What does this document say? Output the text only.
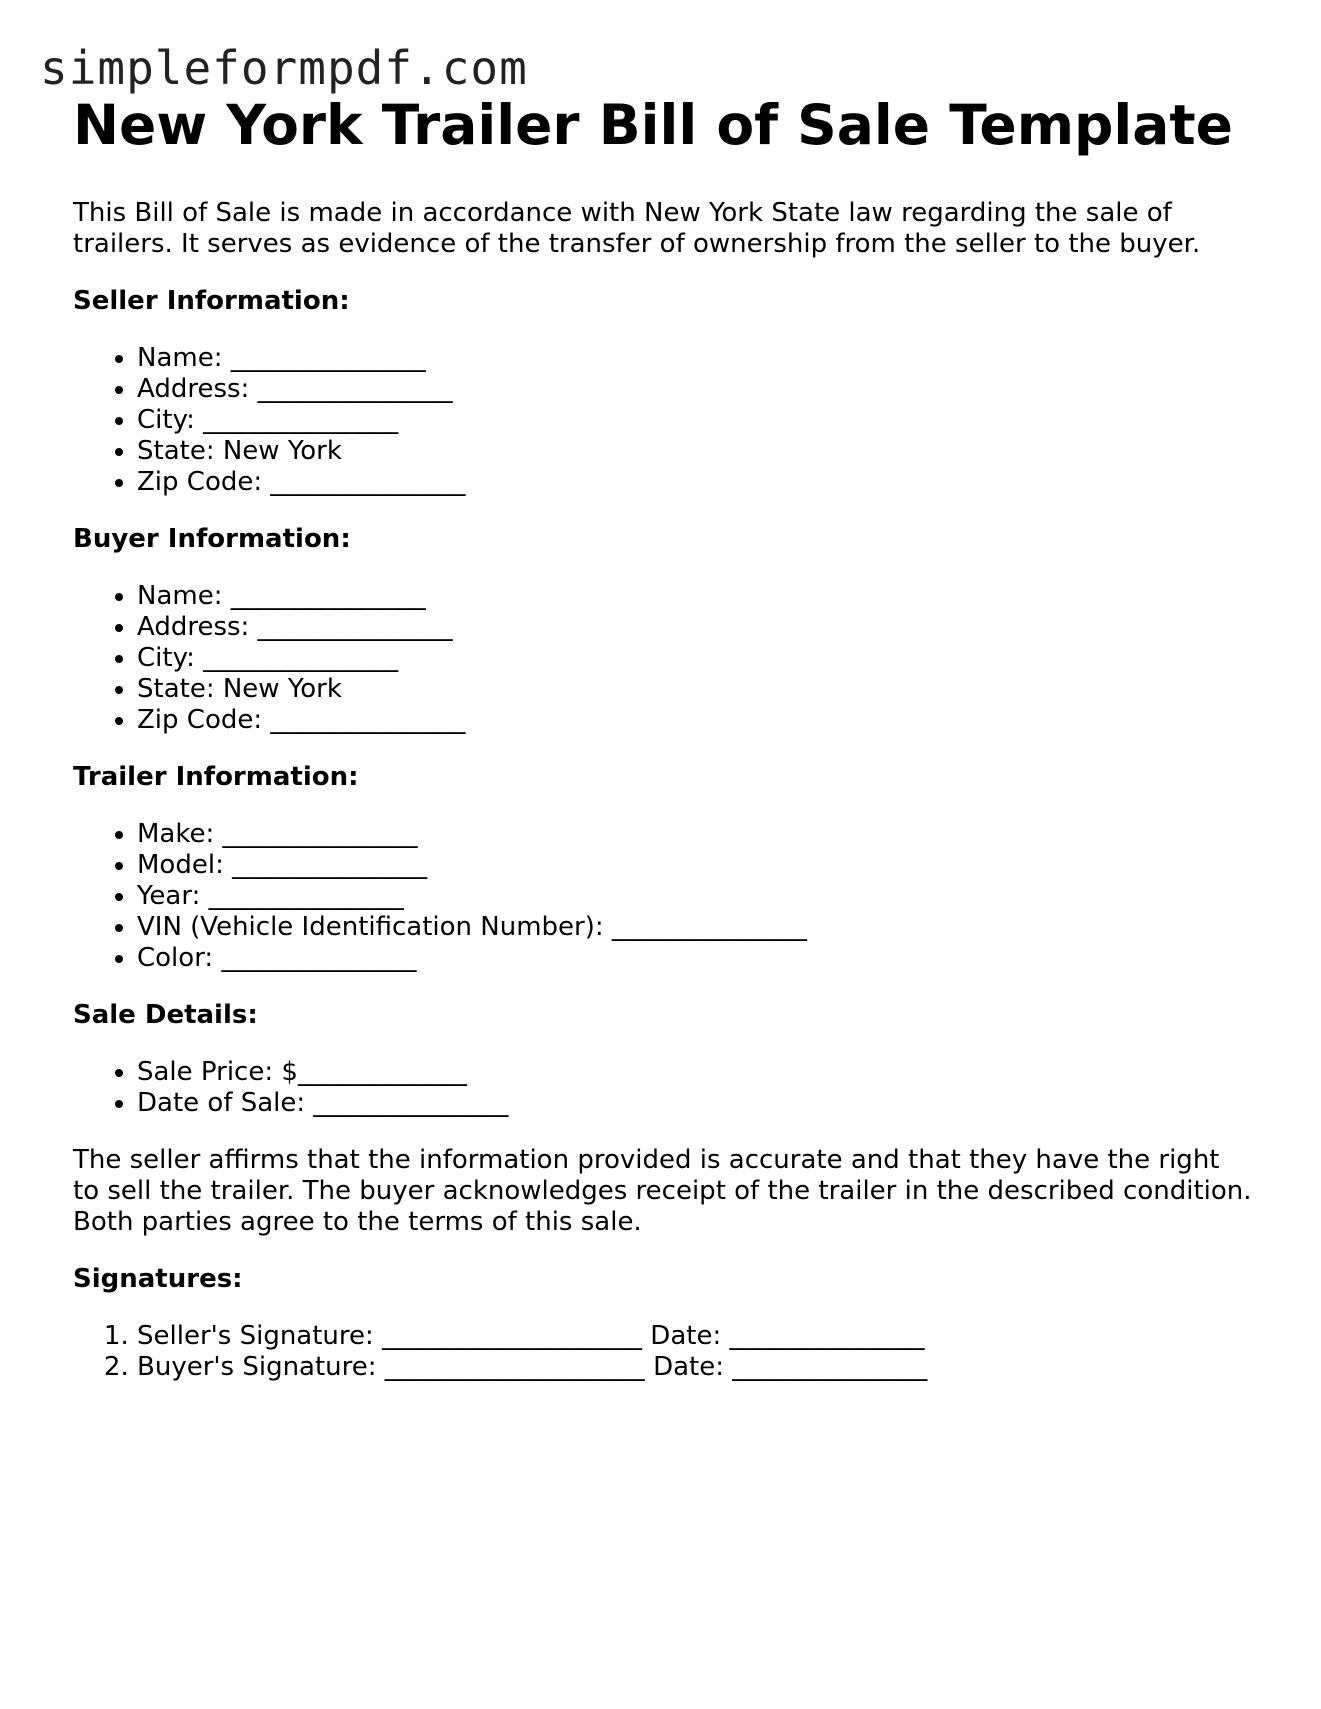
simpleformpdf.com
New York Trailer Bill of Sale Template

This Bill of Sale is made in accordance with New York State law regarding the sale of trailers. It serves as evidence of the transfer of ownership from the seller to the buyer.

Seller Information:
• Name: _______________
• Address: _______________
• City: _______________
• State: New York
• Zip Code: _______________
Buyer Information:
• Name: _______________
• Address: _______________
• City: _______________
• State: New York
• Zip Code: _______________
Trailer Information:
• Make: _______________
• Model: _______________
• Year: _______________
• VIN (Vehicle Identification Number): _______________
• Color: _______________
Sale Details:
• Sale Price: $_____________
• Date of Sale: _______________

The seller affirms that the information provided is accurate and that they have the right to sell the trailer. The buyer acknowledges receipt of the trailer in the described condition. Both parties agree to the terms of this sale.

Signatures:
1. Seller's Signature: ____________________ Date: _______________
2. Buyer's Signature: ____________________ Date: _______________
